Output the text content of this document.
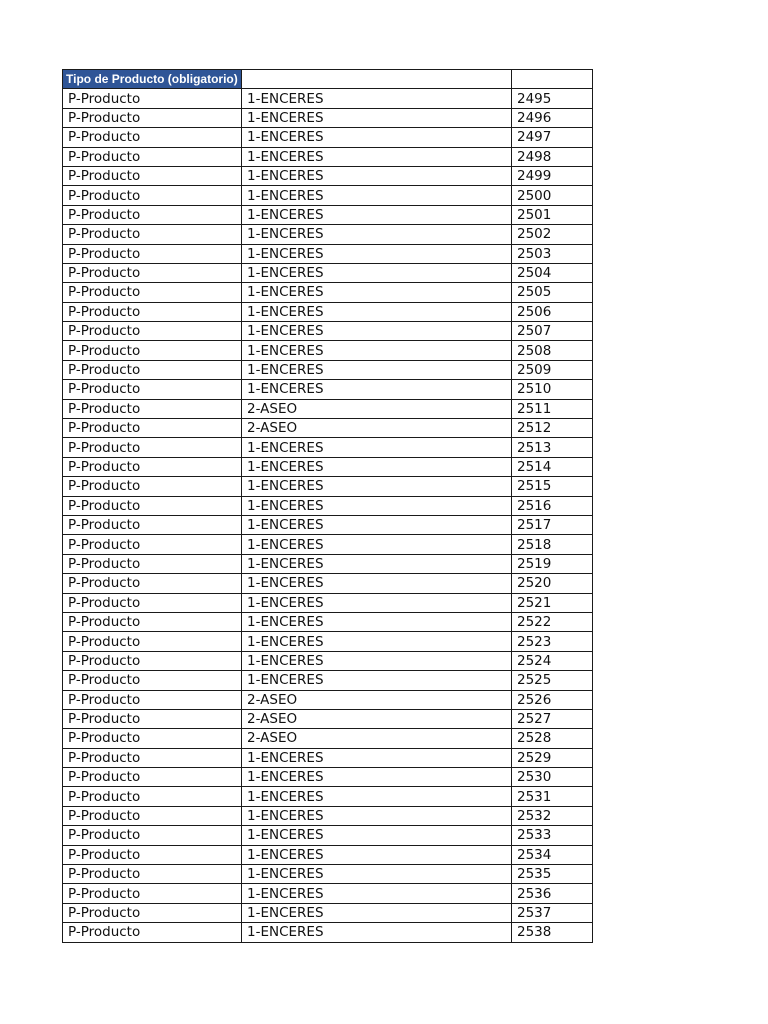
Tipo de Producto (obligatorio)		
P-Producto	1-ENCERES	2495
P-Producto	1-ENCERES	2496
P-Producto	1-ENCERES	2497
P-Producto	1-ENCERES	2498
P-Producto	1-ENCERES	2499
P-Producto	1-ENCERES	2500
P-Producto	1-ENCERES	2501
P-Producto	1-ENCERES	2502
P-Producto	1-ENCERES	2503
P-Producto	1-ENCERES	2504
P-Producto	1-ENCERES	2505
P-Producto	1-ENCERES	2506
P-Producto	1-ENCERES	2507
P-Producto	1-ENCERES	2508
P-Producto	1-ENCERES	2509
P-Producto	1-ENCERES	2510
P-Producto	2-ASEO	2511
P-Producto	2-ASEO	2512
P-Producto	1-ENCERES	2513
P-Producto	1-ENCERES	2514
P-Producto	1-ENCERES	2515
P-Producto	1-ENCERES	2516
P-Producto	1-ENCERES	2517
P-Producto	1-ENCERES	2518
P-Producto	1-ENCERES	2519
P-Producto	1-ENCERES	2520
P-Producto	1-ENCERES	2521
P-Producto	1-ENCERES	2522
P-Producto	1-ENCERES	2523
P-Producto	1-ENCERES	2524
P-Producto	1-ENCERES	2525
P-Producto	2-ASEO	2526
P-Producto	2-ASEO	2527
P-Producto	2-ASEO	2528
P-Producto	1-ENCERES	2529
P-Producto	1-ENCERES	2530
P-Producto	1-ENCERES	2531
P-Producto	1-ENCERES	2532
P-Producto	1-ENCERES	2533
P-Producto	1-ENCERES	2534
P-Producto	1-ENCERES	2535
P-Producto	1-ENCERES	2536
P-Producto	1-ENCERES	2537
P-Producto	1-ENCERES	2538
